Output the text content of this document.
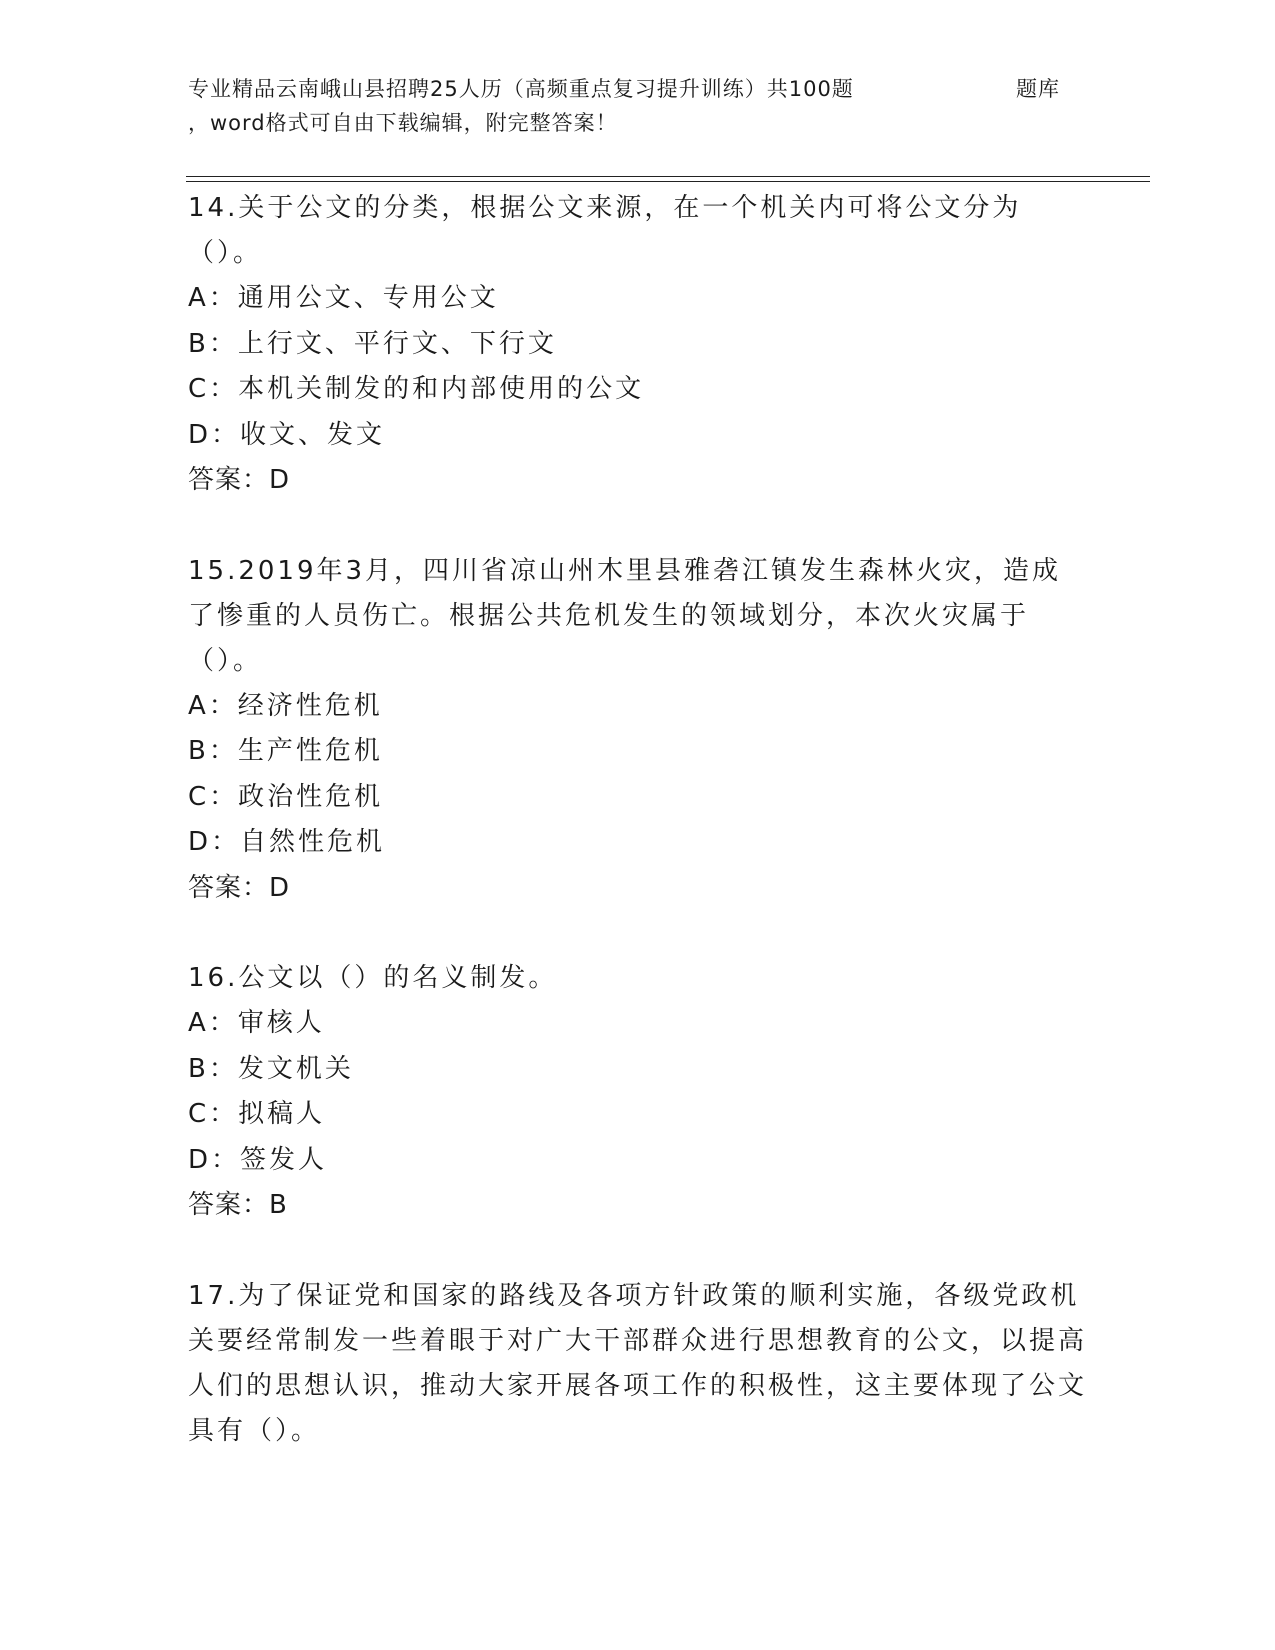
专业精品云南峨山县招聘25人历（高频重点复习提升训练）共100题	题库
，word格式可自由下载编辑，附完整答案！
14.关于公文的分类，根据公文来源，在一个机关内可将公文分为（）。
A：通用公文、专用公文
B：上行文、平行文、下行文
C：本机关制发的和内部使用的公文
D：收文、发文
答案：D
15.2019年3月，四川省凉山州木里县雅砻江镇发生森林火灾，造成了惨重的人员伤亡。根据公共危机发生的领域划分，本次火灾属于（）。
A：经济性危机
B：生产性危机
C：政治性危机
D：自然性危机
答案：D
16.公文以（）的名义制发。
A：审核人
B：发文机关
C：拟稿人
D：签发人
答案：B
17.为了保证党和国家的路线及各项方针政策的顺利实施，各级党政机关要经常制发一些着眼于对广大干部群众进行思想教育的公文，以提高人们的思想认识，推动大家开展各项工作的积极性，这主要体现了公文具有（）。
